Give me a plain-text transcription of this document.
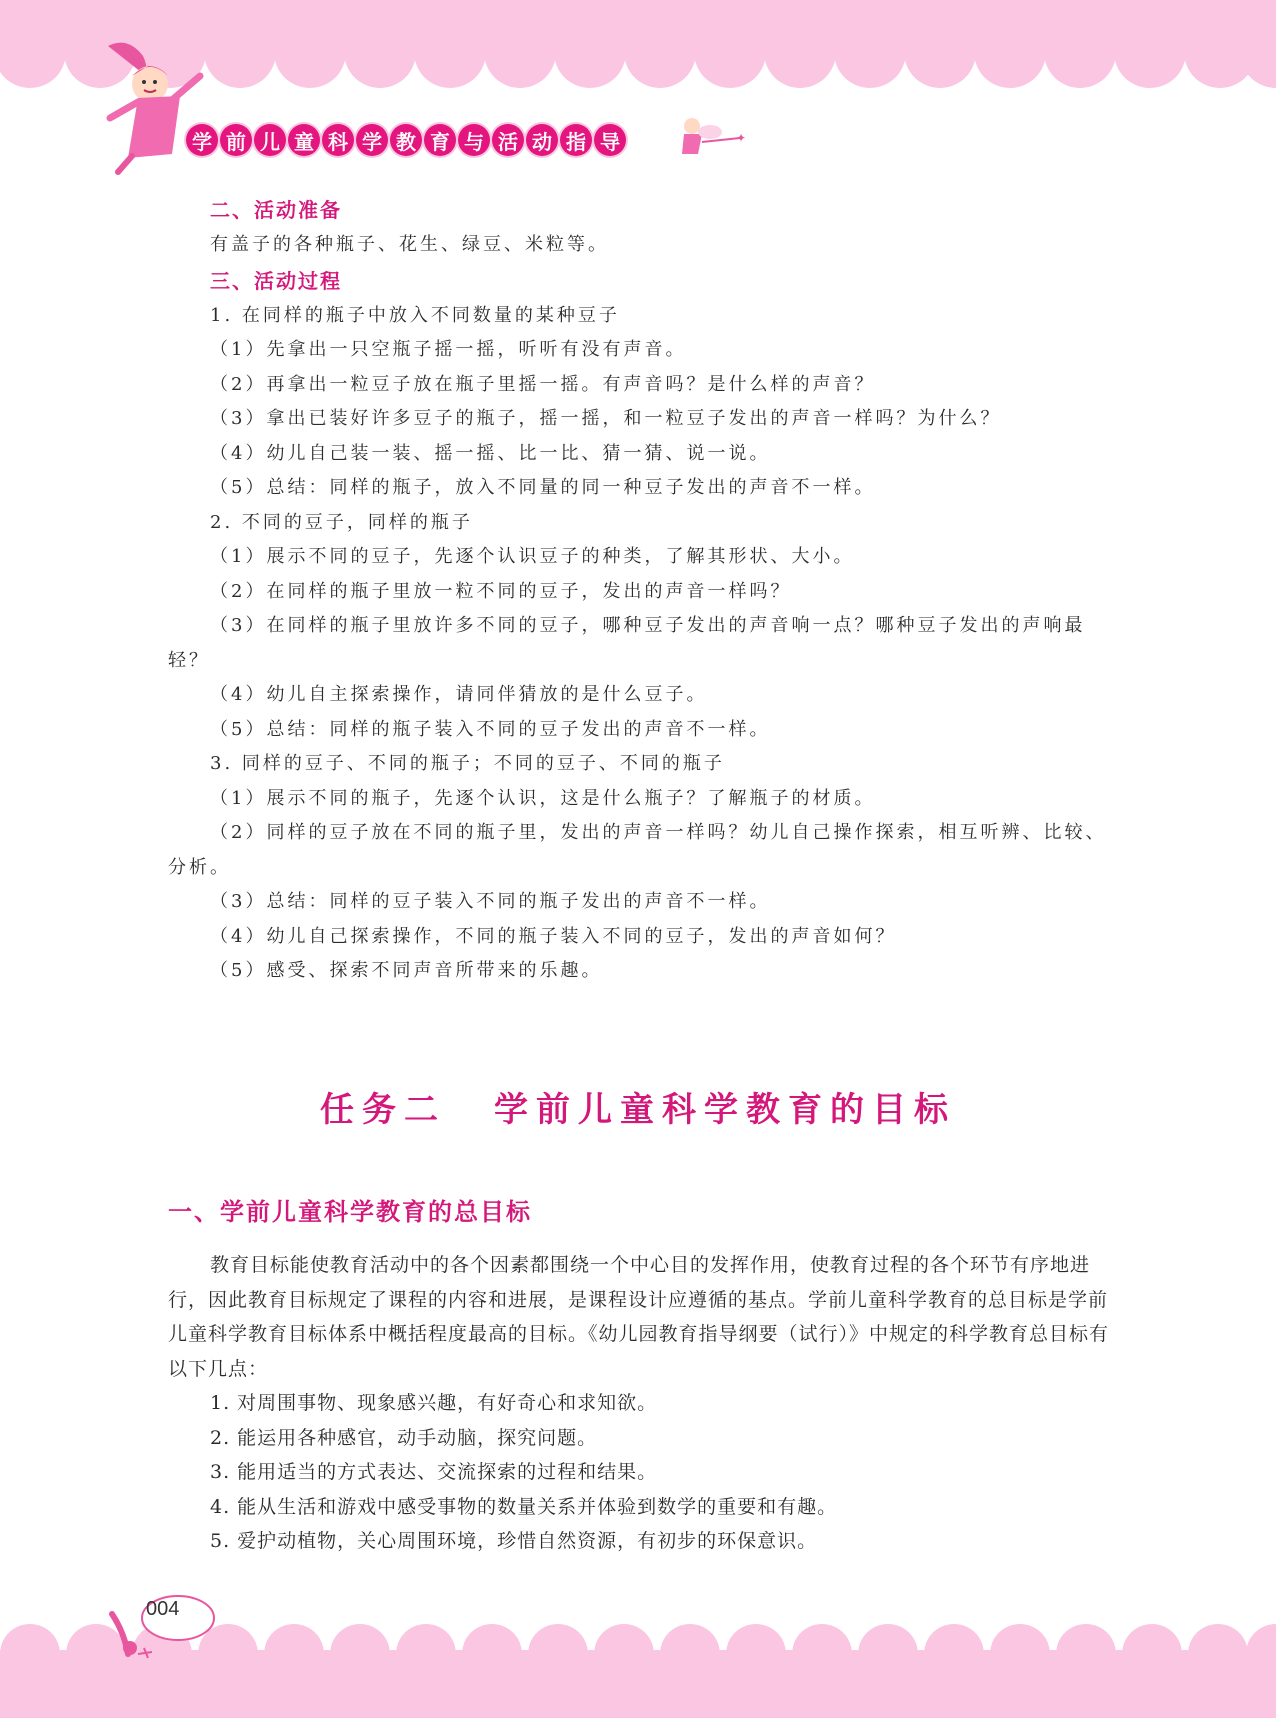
学 前 儿 童 科 学 教 育 与 活 动 指 导	✦
二、活动准备

有盖子的各种瓶子、花生、绿豆、米粒等。

三、活动过程

1. 在同样的瓶子中放入不同数量的某种豆子

（1）先拿出一只空瓶子摇一摇，听听有没有声音。

（2）再拿出一粒豆子放在瓶子里摇一摇。有声音吗？是什么样的声音？

（3）拿出已装好许多豆子的瓶子，摇一摇，和一粒豆子发出的声音一样吗？为什么？

（4）幼儿自己装一装、摇一摇、比一比、猜一猜、说一说。

（5）总结：同样的瓶子，放入不同量的同一种豆子发出的声音不一样。

2. 不同的豆子，同样的瓶子

（1）展示不同的豆子，先逐个认识豆子的种类，了解其形状、大小。

（2）在同样的瓶子里放一粒不同的豆子，发出的声音一样吗？

（3）在同样的瓶子里放许多不同的豆子，哪种豆子发出的声音响一点？哪种豆子发出的声响最轻？

（4）幼儿自主探索操作，请同伴猜放的是什么豆子。

（5）总结：同样的瓶子装入不同的豆子发出的声音不一样。

3. 同样的豆子、不同的瓶子；不同的豆子、不同的瓶子

（1）展示不同的瓶子，先逐个认识，这是什么瓶子？了解瓶子的材质。

（2）同样的豆子放在不同的瓶子里，发出的声音一样吗？幼儿自己操作探索，相互听辨、比较、分析。

（3）总结：同样的豆子装入不同的瓶子发出的声音不一样。

（4）幼儿自己探索操作，不同的瓶子装入不同的豆子，发出的声音如何？

（5）感受、探索不同声音所带来的乐趣。

任务二 学前儿童科学教育的目标
一、学前儿童科学教育的总目标

教育目标能使教育活动中的各个因素都围绕一个中心目的发挥作用，使教育过程的各个环节有序地进行，因此教育目标规定了课程的内容和进展，是课程设计应遵循的基点。学前儿童科学教育的总目标是学前儿童科学教育目标体系中概括程度最高的目标。《幼儿园教育指导纲要（试行）》中规定的科学教育总目标有以下几点：

1. 对周围事物、现象感兴趣，有好奇心和求知欲。

2. 能运用各种感官，动手动脑，探究问题。

3. 能用适当的方式表达、交流探索的过程和结果。

4. 能从生活和游戏中感受事物的数量关系并体验到数学的重要和有趣。

5. 爱护动植物，关心周围环境，珍惜自然资源，有初步的环保意识。

004
